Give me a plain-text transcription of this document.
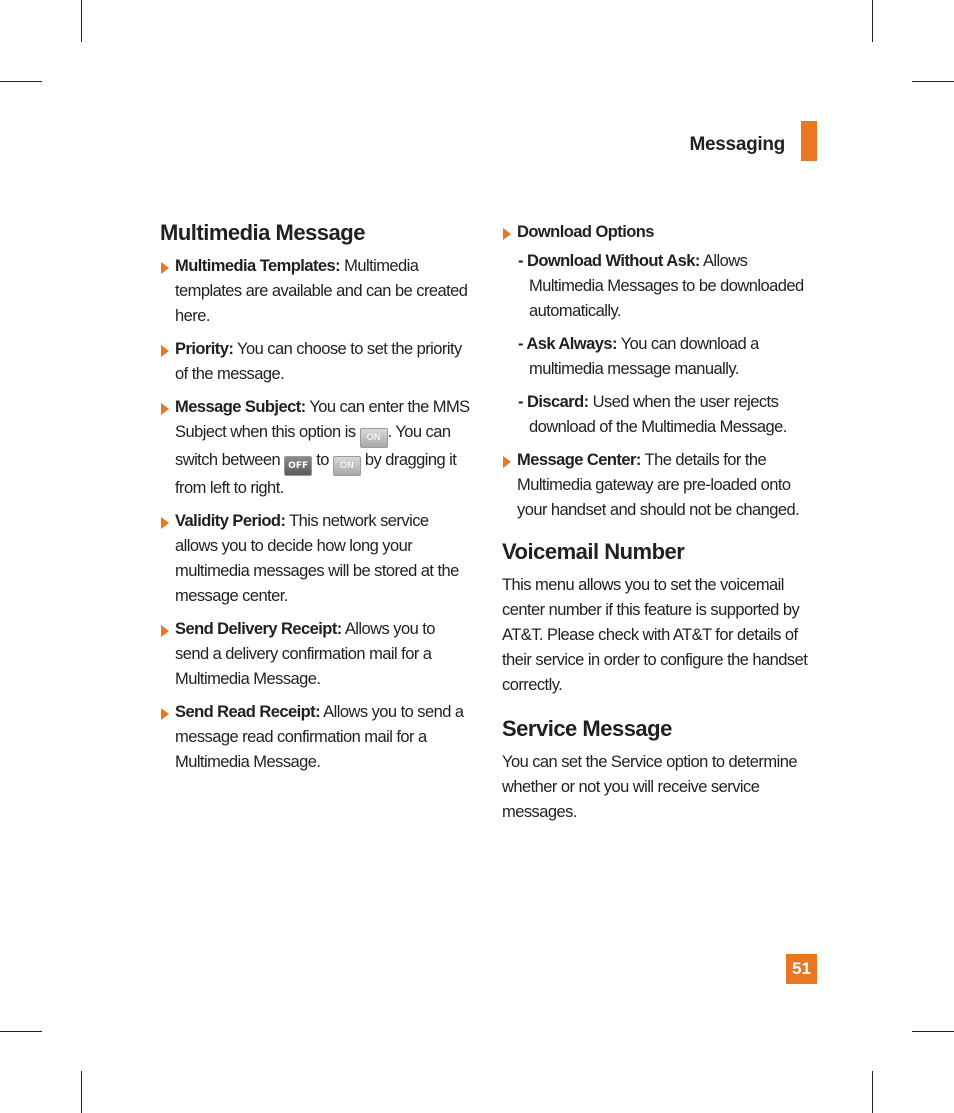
Messaging
Multimedia Message
Multimedia Templates: Multimedia templates are available and can be created here.
Priority: You can choose to set the priority of the message.
Message Subject: You can enter the MMS Subject when this option is ON . You can switch between OFF to ON by dragging it from left to right.
Validity Period: This network service allows you to decide how long your multimedia messages will be stored at the message center.
Send Delivery Receipt: Allows you to send a delivery confirmation mail for a Multimedia Message.
Send Read Receipt: Allows you to send a message read confirmation mail for a Multimedia Message.
Download Options
- Download Without Ask: Allows Multimedia Messages to be downloaded automatically.
- Ask Always: You can download a multimedia message manually.
- Discard: Used when the user rejects download of the Multimedia Message.
Message Center: The details for the Multimedia gateway are pre-loaded onto your handset and should not be changed.
Voicemail Number

This menu allows you to set the voicemail center number if this feature is supported by AT&T. Please check with AT&T for details of their service in order to configure the handset correctly.

Service Message

You can set the Service option to determine whether or not you will receive service messages.

51
